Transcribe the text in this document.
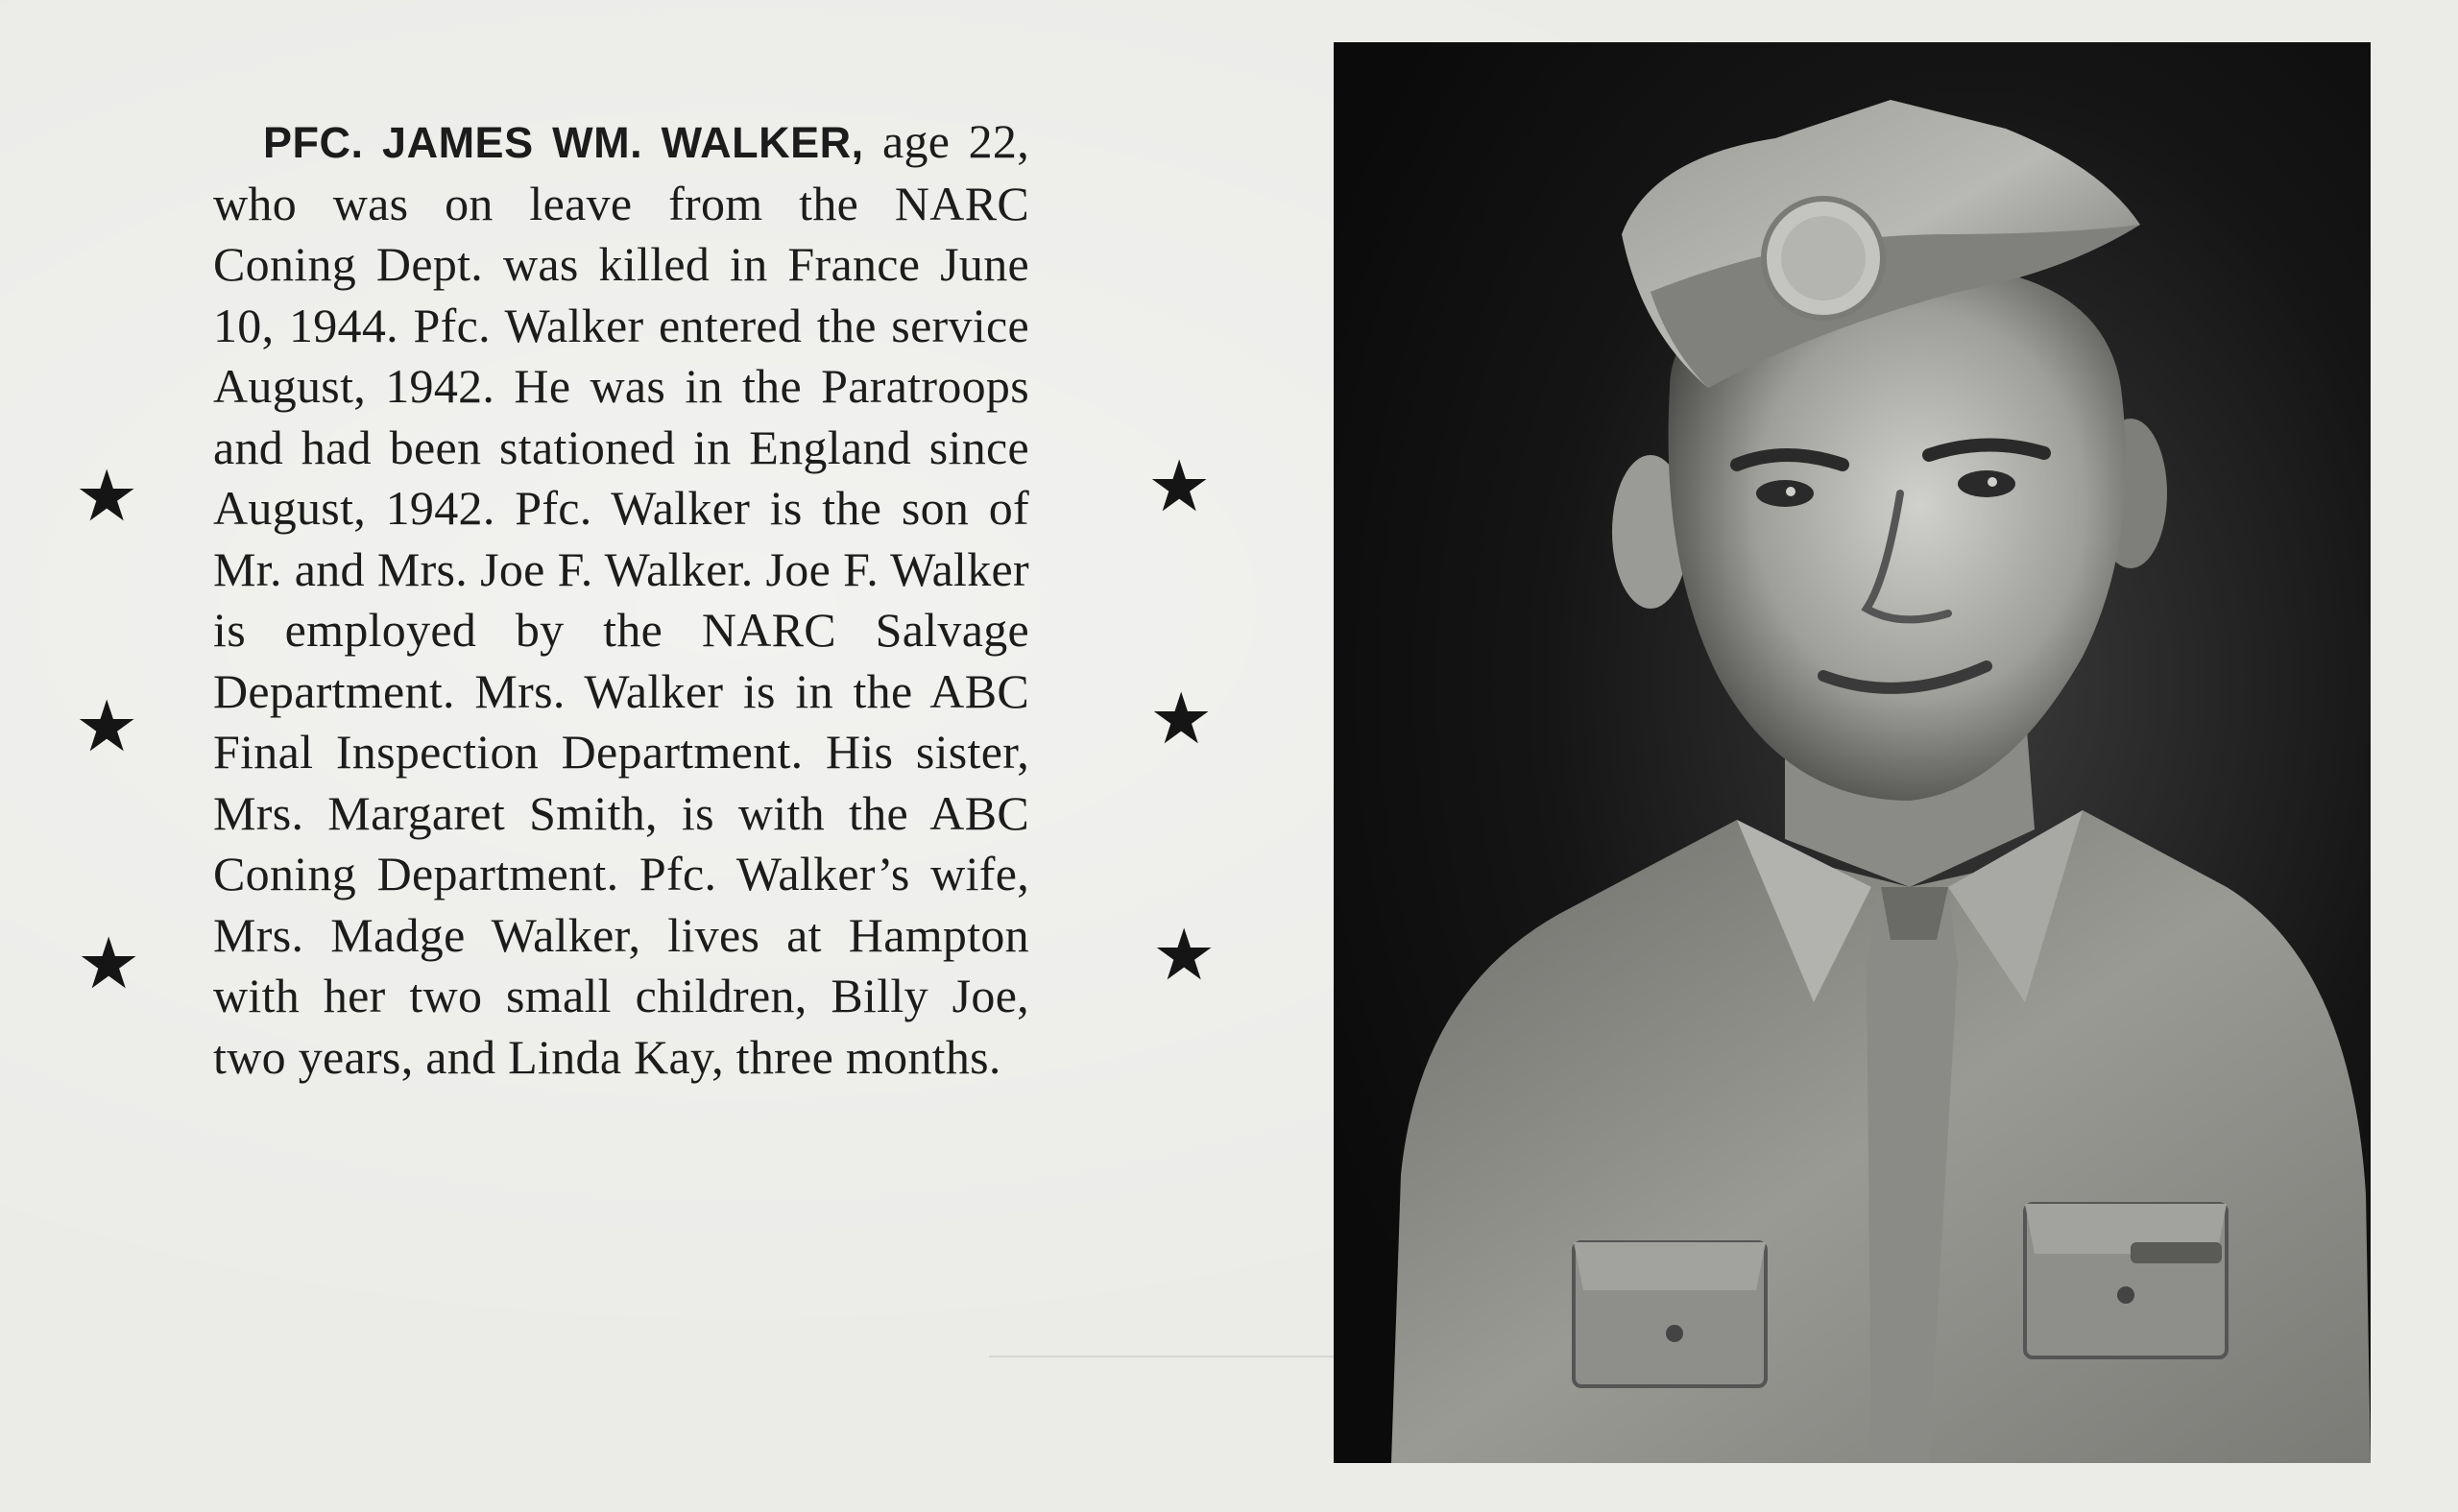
★
★
★
★
★
★

PFC. JAMES WM. WALKER, age 22, who was on leave from the NARC Coning Dept. was killed in France June 10, 1944. Pfc. Walker entered the service August, 1942. He was in the Paratroops and had been stationed in England since August, 1942. Pfc. Walker is the son of Mr. and Mrs. Joe F. Walker. Joe F. Walker is employed by the NARC Salvage Department. Mrs. Walker is in the ABC Final Inspection Department. His sister, Mrs. Margaret Smith, is with the ABC Coning Department. Pfc. Walker’s wife, Mrs. Madge Walker, lives at Hampton with her two small children, Billy Joe, two years, and Linda Kay, three months.
